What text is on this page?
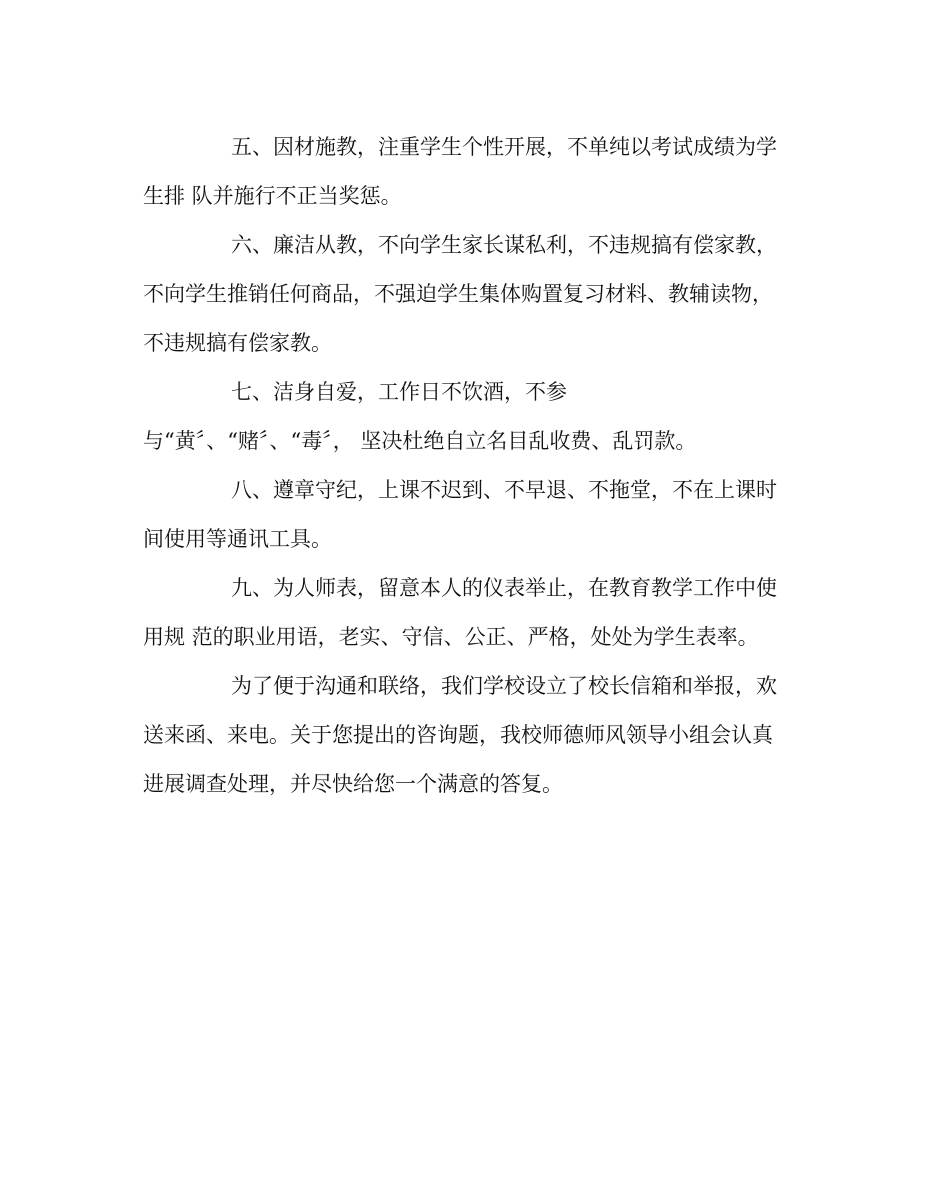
五、因材施教，注重学生个性开展，不单纯以考试成绩为学
生排 队并施行不正当奖惩。
六、廉洁从教，不向学生家长谋私利，不违规搞有偿家教，
不向学生推销任何商品，不强迫学生集体购置复习材料、教辅读物，
不违规搞有偿家教。
七、洁身自爱，工作日不饮酒，不参
与“黄〞、“赌〞、“毒〞， 坚决杜绝自立名目乱收费、乱罚款。
八、遵章守纪，上课不迟到、不早退、不拖堂，不在上课时
间使用等通讯工具。
九、为人师表，留意本人的仪表举止，在教育教学工作中使
用规 范的职业用语，老实、守信、公正、严格，处处为学生表率。
为了便于沟通和联络，我们学校设立了校长信箱和举报，欢
送来函、来电。关于您提出的咨询题，我校师德师风领导小组会认真
进展调查处理，并尽快给您一个满意的答复。
